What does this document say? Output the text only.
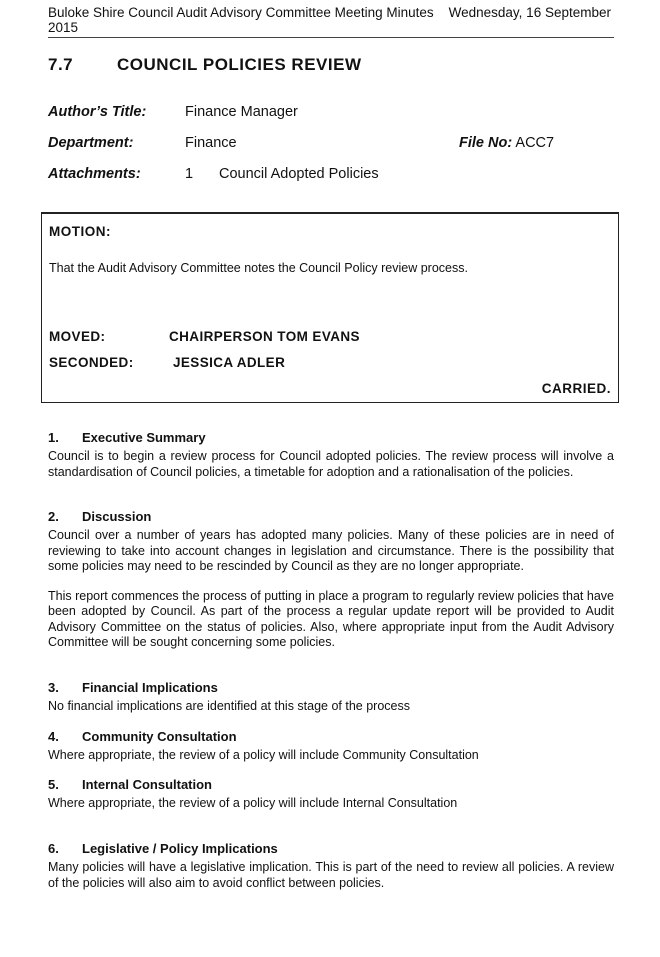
Buloke Shire Council Audit Advisory Committee Meeting Minutes Wednesday, 16 September
2015
7.7	COUNCIL POLICIES REVIEW
Author’s Title:	Finance Manager
Department:	Finance	File No: ACC7
Attachments:	1 Council Adopted Policies
MOTION:
That the Audit Advisory Committee notes the Council Policy review process.
MOVED:	CHAIRPERSON TOM EVANS
SECONDED:	JESSICA ADLER
CARRIED.
1. Executive Summary

Council is to begin a review process for Council adopted policies. The review process will involve a standardisation of Council policies, a timetable for adoption and a rationalisation of the policies.

2. Discussion

Council over a number of years has adopted many policies. Many of these policies are in need of reviewing to take into account changes in legislation and circumstance. There is the possibility that some policies may need to be rescinded by Council as they are no longer appropriate.

This report commences the process of putting in place a program to regularly review policies that have been adopted by Council. As part of the process a regular update report will be provided to Audit Advisory Committee on the status of policies. Also, where appropriate input from the Audit Advisory Committee will be sought concerning some policies.

3. Financial Implications

No financial implications are identified at this stage of the process

4. Community Consultation

Where appropriate, the review of a policy will include Community Consultation

5. Internal Consultation

Where appropriate, the review of a policy will include Internal Consultation

6. Legislative / Policy Implications

Many policies will have a legislative implication. This is part of the need to review all policies. A review of the policies will also aim to avoid conflict between policies.
